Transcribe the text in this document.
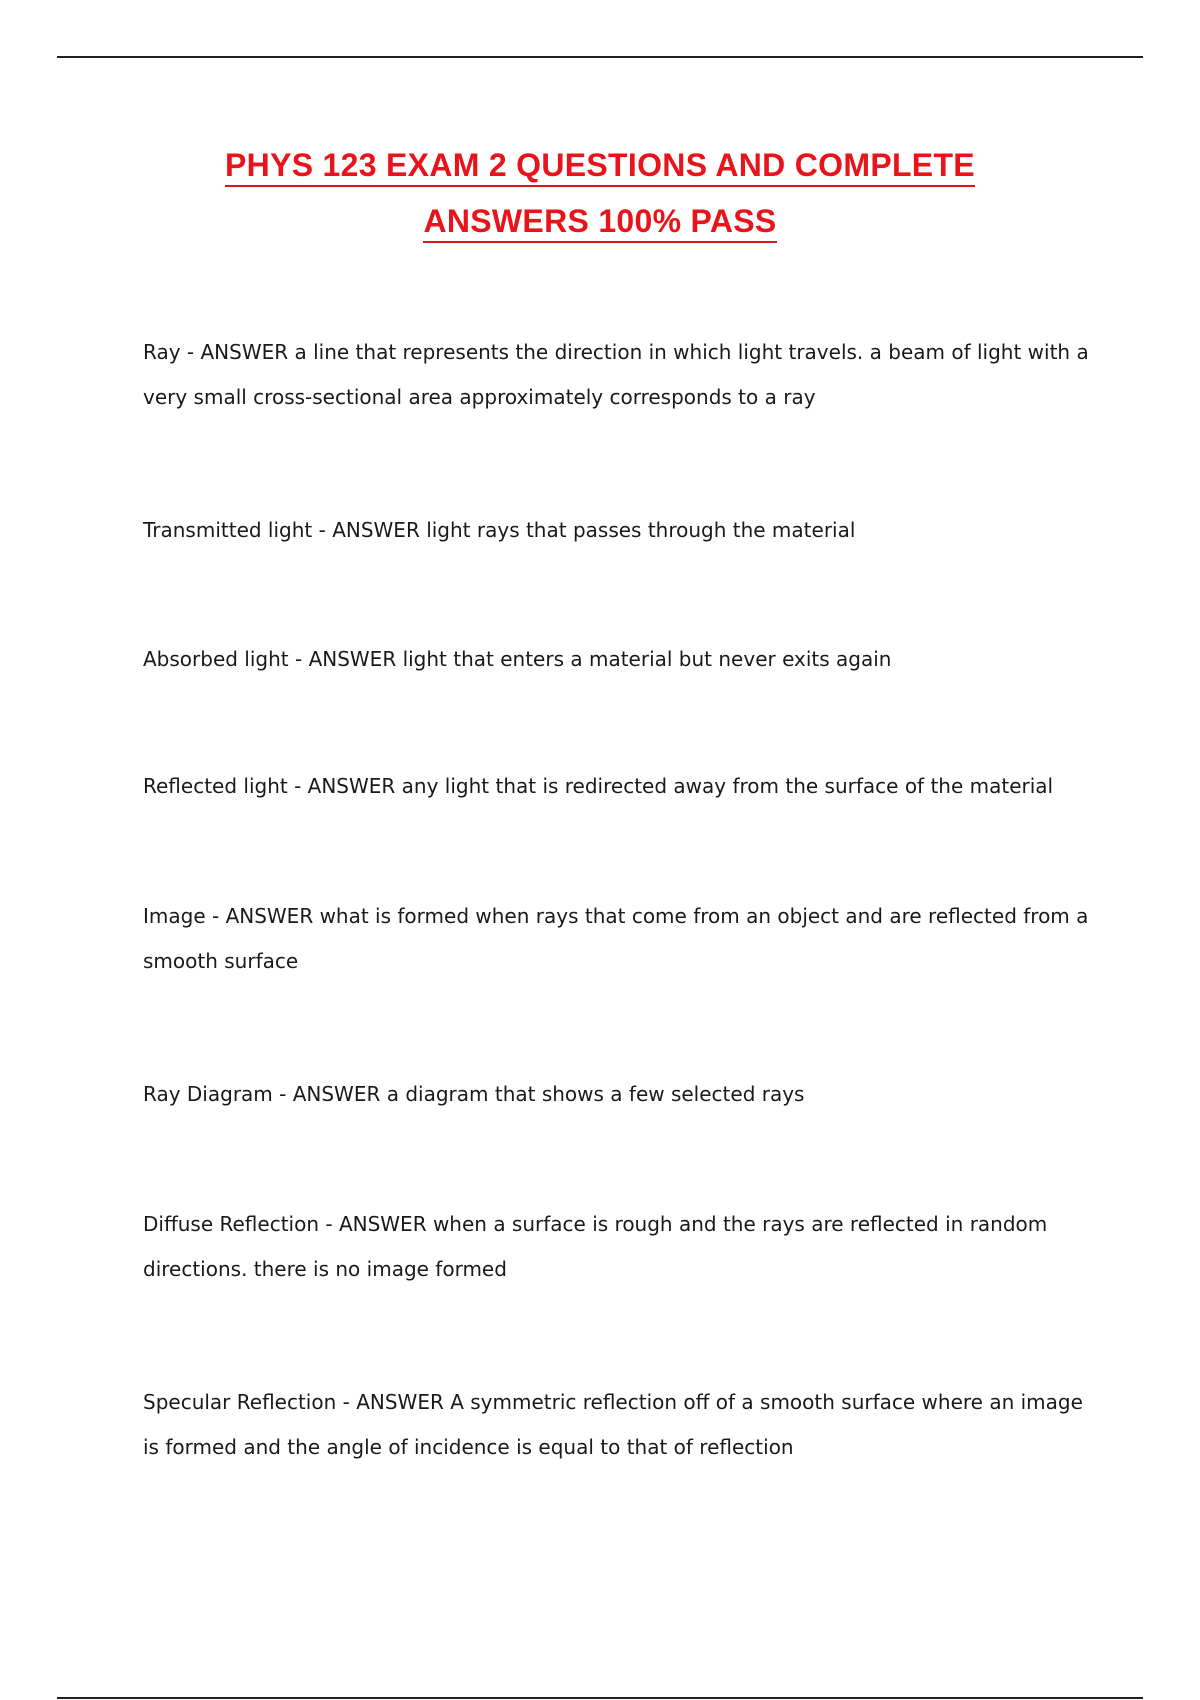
PHYS 123 EXAM 2 QUESTIONS AND COMPLETE
ANSWERS 100% PASS

Ray - ANSWER a line that represents the direction in which light travels. a beam of light with a very small cross-sectional area approximately corresponds to a ray

Transmitted light - ANSWER light rays that passes through the material

Absorbed light - ANSWER light that enters a material but never exits again

Reflected light - ANSWER any light that is redirected away from the surface of the material

Image - ANSWER what is formed when rays that come from an object and are reflected from a smooth surface

Ray Diagram - ANSWER a diagram that shows a few selected rays

Diffuse Reflection - ANSWER when a surface is rough and the rays are reflected in random directions. there is no image formed

Specular Reflection - ANSWER A symmetric reflection off of a smooth surface where an image is formed and the angle of incidence is equal to that of reflection
